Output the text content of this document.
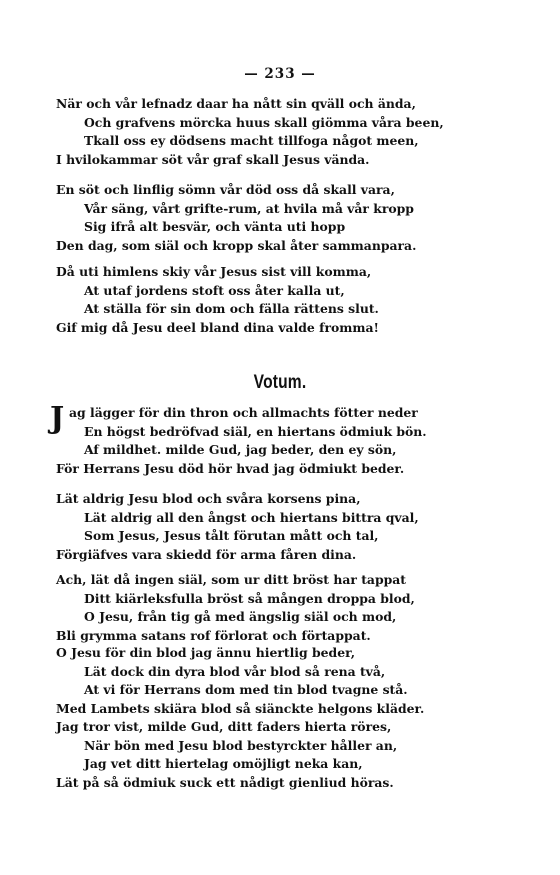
— 233 —
När och vår lefnadz daar ha nått sin qväll och ända,
Och grafvens mörcka huus skall giömma våra been,
Tkall oss ey dödsens macht tillfoga något meen,
I hvilokammar söt vår graf skall Jesus vända.
En söt och linflig sömn vår död oss då skall vara,
Vår säng, vårt grifte-rum, at hvila må vår kropp
Sig ifrå alt besvär, och vänta uti hopp
Den dag, som siäl och kropp skal åter sammanpara.
Då uti himlens skiy vår Jesus sist vill komma,
At utaf jordens stoft oss åter kalla ut,
At ställa för sin dom och fälla rättens slut.
Gif mig då Jesu deel bland dina valde fromma!
Votum.
J ag lägger för din thron och allmachts fötter neder
En högst bedröfvad siäl, en hiertans ödmiuk bön.
Af mildhet. milde Gud, jag beder, den ey sön,
För Herrans Jesu död hör hvad jag ödmiukt beder.
Lät aldrig Jesu blod och svåra korsens pina,
Lät aldrig all den ångst och hiertans bittra qval,
Som Jesus, Jesus tålt förutan mått och tal,
Förgiäfves vara skiedd för arma fåren dina.
Ach, lät då ingen siäl, som ur ditt bröst har tappat
Ditt kiärleksfulla bröst så mången droppa blod,
O Jesu, från tig gå med ängslig siäl och mod,
Bli grymma satans rof förlorat och förtappat.
O Jesu för din blod jag ännu hiertlig beder,
Lät dock din dyra blod vår blod så rena två,
At vi för Herrans dom med tin blod tvagne stå.
Med Lambets skiära blod så siänckte helgons kläder.
Jag tror vist, milde Gud, ditt faders hierta röres,
När bön med Jesu blod bestyrckter håller an,
Jag vet ditt hiertelag omöjligt neka kan,
Lät på så ödmiuk suck ett nådigt gienliud höras.
